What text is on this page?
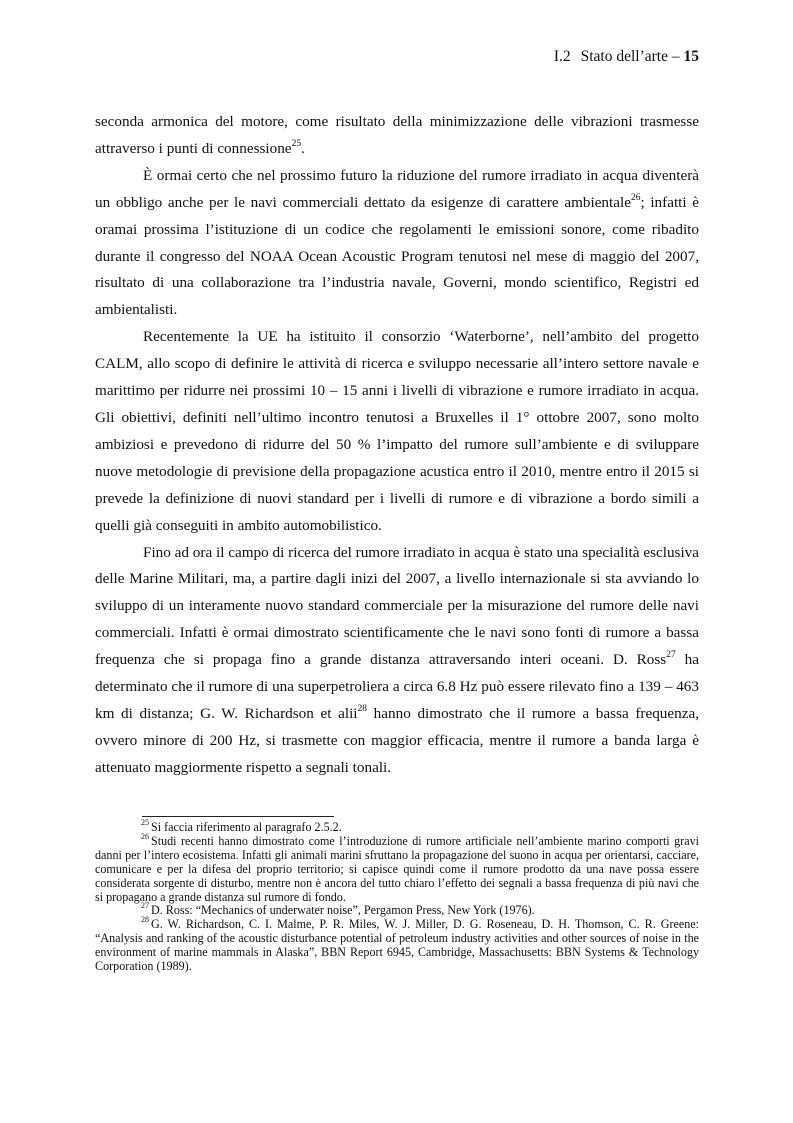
I.2 Stato dell’arte – 15

seconda armonica del motore, come risultato della minimizzazione delle vibrazioni trasmesse attraverso i punti di connessione$^{25}$.

È ormai certo che nel prossimo futuro la riduzione del rumore irradiato in acqua diventerà un obbligo anche per le navi commerciali dettato da esigenze di carattere ambientale$^{26}$; infatti è oramai prossima l’istituzione di un codice che regolamenti le emissioni sonore, come ribadito durante il congresso del NOAA Ocean Acoustic Program tenutosi nel mese di maggio del 2007, risultato di una collaborazione tra l’industria navale, Governi, mondo scientifico, Registri ed ambientalisti.

Recentemente la UE ha istituito il consorzio ‘Waterborne’, nell’ambito del progetto CALM, allo scopo di definire le attività di ricerca e sviluppo necessarie all’intero settore navale e marittimo per ridurre nei prossimi 10 – 15 anni i livelli di vibrazione e rumore irradiato in acqua. Gli obiettivi, definiti nell’ultimo incontro tenutosi a Bruxelles il 1° ottobre 2007, sono molto ambiziosi e prevedono di ridurre del 50 % l’impatto del rumore sull’ambiente e di sviluppare nuove metodologie di previsione della propagazione acustica entro il 2010, mentre entro il 2015 si prevede la definizione di nuovi standard per i livelli di rumore e di vibrazione a bordo simili a quelli già conseguiti in ambito automobilistico.

Fino ad ora il campo di ricerca del rumore irradiato in acqua è stato una specialità esclusiva delle Marine Militari, ma, a partire dagli inizi del 2007, a livello internazionale si sta avviando lo sviluppo di un interamente nuovo standard commerciale per la misurazione del rumore delle navi commerciali. Infatti è ormai dimostrato scientificamente che le navi sono fonti di rumore a bassa frequenza che si propaga fino a grande distanza attraversando interi oceani. D. Ross$^{27}$ ha determinato che il rumore di una superpetroliera a circa 6.8 Hz può essere rilevato fino a 139 – 463 km di distanza; G. W. Richardson et alii$^{28}$ hanno dimostrato che il rumore a bassa frequenza, ovvero minore di 200 Hz, si trasmette con maggior efficacia, mentre il rumore a banda larga è attenuato maggiormente rispetto a segnali tonali.

$^{25}$ Si faccia riferimento al paragrafo 2.5.2.

$^{26}$ Studi recenti hanno dimostrato come l’introduzione di rumore artificiale nell’ambiente marino comporti gravi danni per l’intero ecosistema. Infatti gli animali marini sfruttano la propagazione del suono in acqua per orientarsi, cacciare, comunicare e per la difesa del proprio territorio; si capisce quindi come il rumore prodotto da una nave possa essere considerata sorgente di disturbo, mentre non è ancora del tutto chiaro l’effetto dei segnali a bassa frequenza di più navi che si propagano a grande distanza sul rumore di fondo.

$^{27}$ D. Ross: “Mechanics of underwater noise”, Pergamon Press, New York (1976).

$^{28}$ G. W. Richardson, C. I. Malme, P. R. Miles, W. J. Miller, D. G. Roseneau, D. H. Thomson, C. R. Greene: “Analysis and ranking of the acoustic disturbance potential of petroleum industry activities and other sources of noise in the environment of marine mammals in Alaska”, BBN Report 6945, Cambridge, Massachusetts: BBN Systems & Technology Corporation (1989).
